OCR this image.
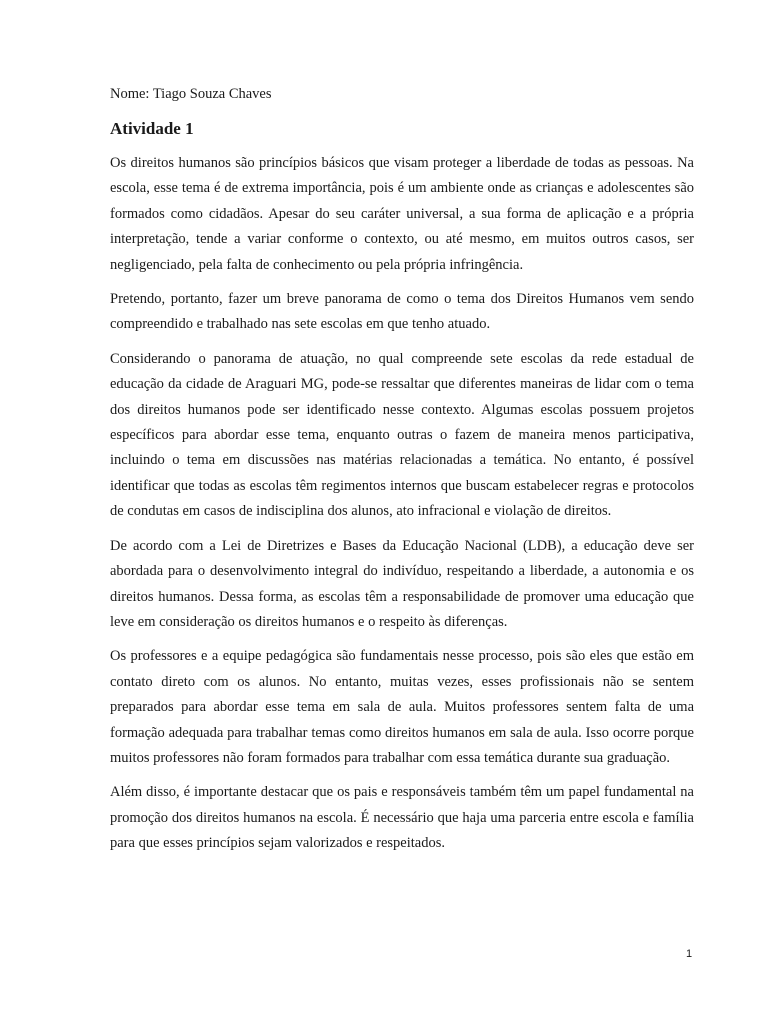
Nome: Tiago Souza Chaves

Atividade 1

Os direitos humanos são princípios básicos que visam proteger a liberdade de todas as pessoas. Na escola, esse tema é de extrema importância, pois é um ambiente onde as crianças e adolescentes são formados como cidadãos. Apesar do seu caráter universal, a sua forma de aplicação e a própria interpretação, tende a variar conforme o contexto, ou até mesmo, em muitos outros casos, ser negligenciado, pela falta de conhecimento ou pela própria infringência.

Pretendo, portanto, fazer um breve panorama de como o tema dos Direitos Humanos vem sendo compreendido e trabalhado nas sete escolas em que tenho atuado.

Considerando o panorama de atuação, no qual compreende sete escolas da rede estadual de educação da cidade de Araguari MG, pode-se ressaltar que diferentes maneiras de lidar com o tema dos direitos humanos pode ser identificado nesse contexto. Algumas escolas possuem projetos específicos para abordar esse tema, enquanto outras o fazem de maneira menos participativa, incluindo o tema em discussões nas matérias relacionadas a temática. No entanto, é possível identificar que todas as escolas têm regimentos internos que buscam estabelecer regras e protocolos de condutas em casos de indisciplina dos alunos, ato infracional e violação de direitos.

De acordo com a Lei de Diretrizes e Bases da Educação Nacional (LDB), a educação deve ser abordada para o desenvolvimento integral do indivíduo, respeitando a liberdade, a autonomia e os direitos humanos. Dessa forma, as escolas têm a responsabilidade de promover uma educação que leve em consideração os direitos humanos e o respeito às diferenças.

Os professores e a equipe pedagógica são fundamentais nesse processo, pois são eles que estão em contato direto com os alunos. No entanto, muitas vezes, esses profissionais não se sentem preparados para abordar esse tema em sala de aula. Muitos professores sentem falta de uma formação adequada para trabalhar temas como direitos humanos em sala de aula. Isso ocorre porque muitos professores não foram formados para trabalhar com essa temática durante sua graduação.

Além disso, é importante destacar que os pais e responsáveis também têm um papel fundamental na promoção dos direitos humanos na escola. É necessário que haja uma parceria entre escola e família para que esses princípios sejam valorizados e respeitados.

1
